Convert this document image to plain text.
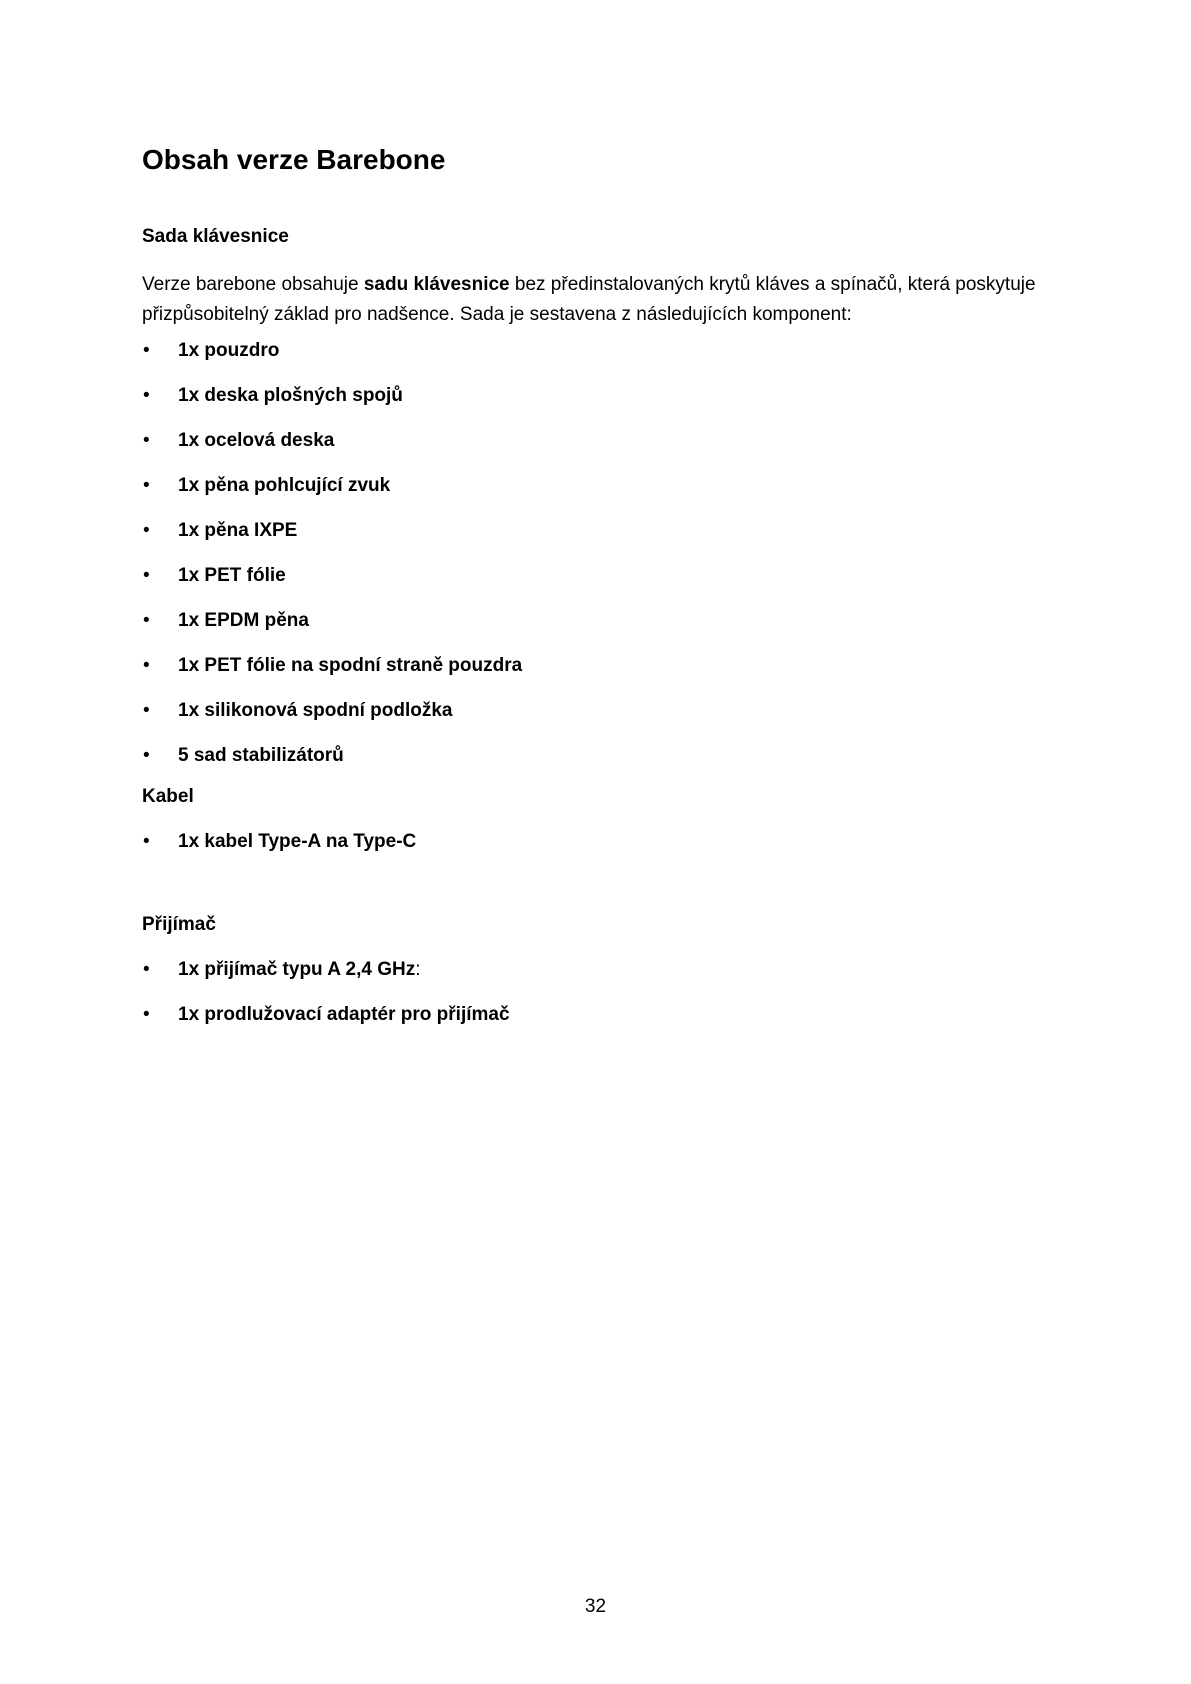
Obsah verze Barebone
Sada klávesnice
Verze barebone obsahuje sadu klávesnice bez předinstalovaných krytů kláves a spínačů, která poskytuje přizpůsobitelný základ pro nadšence. Sada je sestavena z následujících komponent:
• 1x pouzdro
• 1x deska plošných spojů
• 1x ocelová deska
• 1x pěna pohlcující zvuk
• 1x pěna IXPE
• 1x PET fólie
• 1x EPDM pěna
• 1x PET fólie na spodní straně pouzdra
• 1x silikonová spodní podložka
• 5 sad stabilizátorů
Kabel
• 1x kabel Type-A na Type-C
Přijímač
• 1x přijímač typu A 2,4 GHz:
• 1x prodlužovací adaptér pro přijímač
32
